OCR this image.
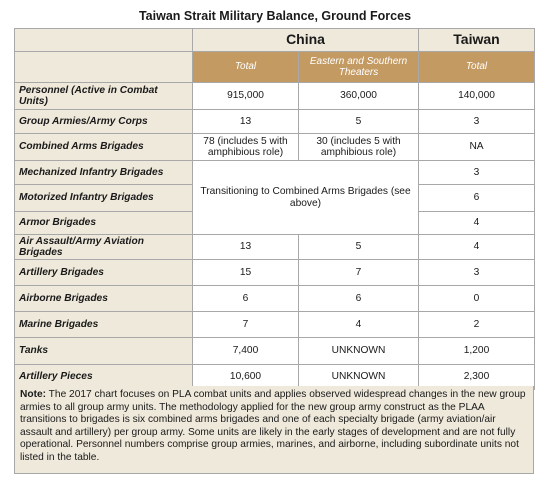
Taiwan Strait Military Balance, Ground Forces
	China		Taiwan
	Total	Eastern and Southern Theaters	Total
Personnel (Active in Combat Units)	915,000	360,000	140,000
Group Armies/Army Corps	13	5	3
Combined Arms Brigades	78 (includes 5 with amphibious role)	30 (includes 5 with amphibious role)	NA
Mechanized Infantry Brigades	Transitioning to Combined Arms Brigades (see above)		3
Motorized Infantry Brigades			6
Armor Brigades			4
Air Assault/Army Aviation Brigades	13	5	4
Artillery Brigades	15	7	3
Airborne Brigades	6	6	0
Marine Brigades	7	4	2
Tanks	7,400	UNKNOWN	1,200
Artillery Pieces	10,600	UNKNOWN	2,300
Note: The 2017 chart focuses on PLA combat units and applies observed widespread changes in the new group armies to all group army units. The methodology applied for the new group army construct as the PLAA transitions to brigades is six combined arms brigades and one of each specialty brigade (army aviation/air assault and artillery) per group army. Some units are likely in the early stages of development and are not fully operational. Personnel numbers comprise group armies, marines, and airborne, including subordinate units not listed in the table.
